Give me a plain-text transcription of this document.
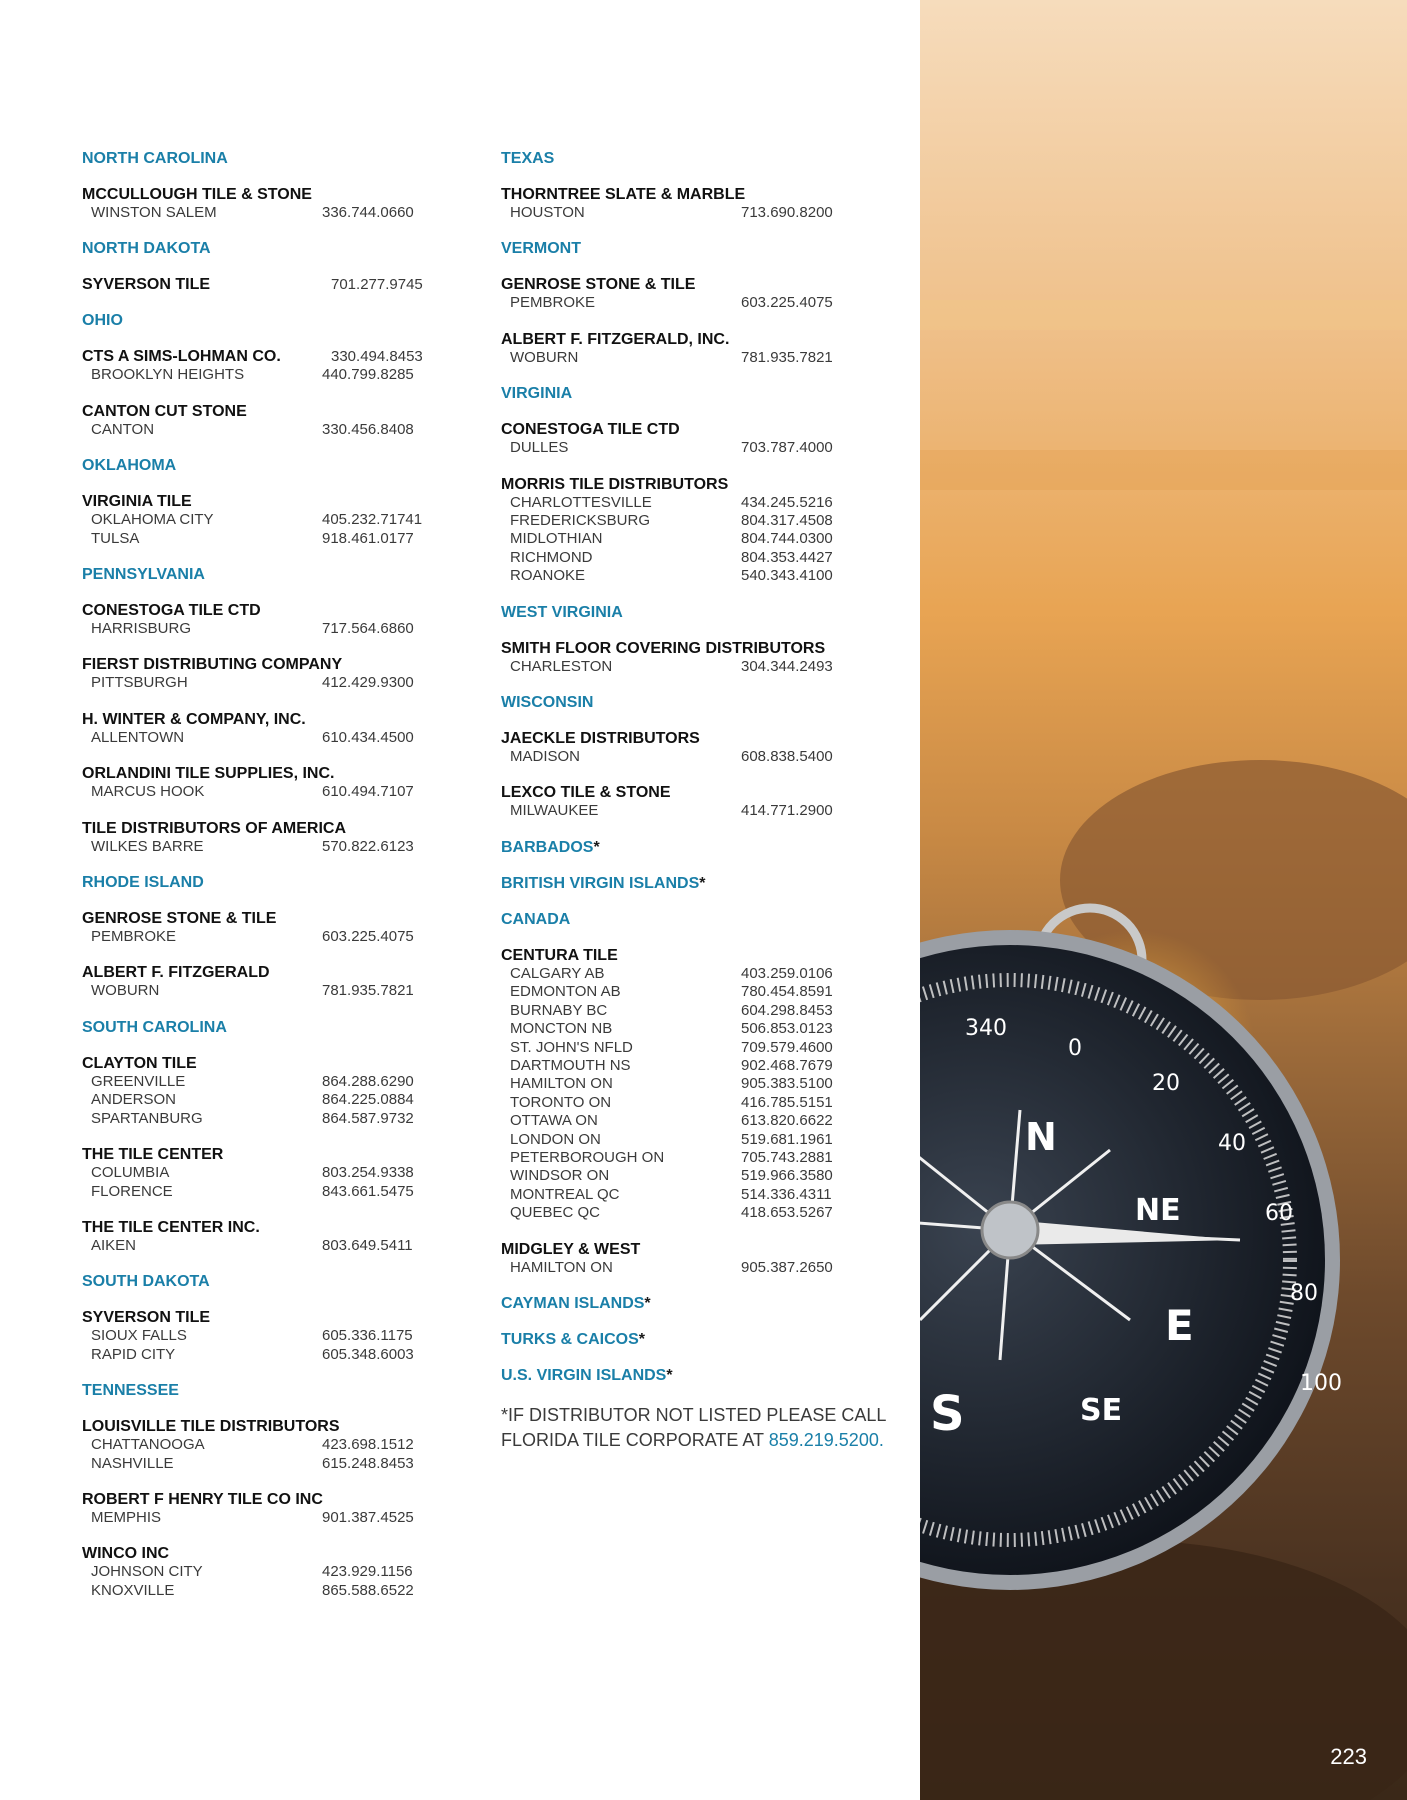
NORTH CAROLINA
MCCULLOUGH TILE & STONE
WINSTON SALEM	336.744.0660
NORTH DAKOTA
SYVERSON TILE	701.277.9745
OHIO
CTS A SIMS-LOHMAN CO.	330.494.8453
BROOKLYN HEIGHTS	440.799.8285
CANTON CUT STONE
CANTON	330.456.8408
OKLAHOMA
VIRGINIA TILE
OKLAHOMA CITY	405.232.71741
TULSA	918.461.0177
PENNSYLVANIA
CONESTOGA TILE CTD
HARRISBURG	717.564.6860
FIERST DISTRIBUTING COMPANY
PITTSBURGH	412.429.9300
H. WINTER & COMPANY, INC.
ALLENTOWN	610.434.4500
ORLANDINI TILE SUPPLIES, INC.
MARCUS HOOK	610.494.7107
TILE DISTRIBUTORS OF AMERICA
WILKES BARRE	570.822.6123
RHODE ISLAND
GENROSE STONE & TILE
PEMBROKE	603.225.4075
ALBERT F. FITZGERALD
WOBURN	781.935.7821
SOUTH CAROLINA
CLAYTON TILE
GREENVILLE	864.288.6290
ANDERSON	864.225.0884
SPARTANBURG	864.587.9732
THE TILE CENTER
COLUMBIA	803.254.9338
FLORENCE	843.661.5475
THE TILE CENTER INC.
AIKEN	803.649.5411
SOUTH DAKOTA
SYVERSON TILE
SIOUX FALLS	605.336.1175
RAPID CITY	605.348.6003
TENNESSEE
LOUISVILLE TILE DISTRIBUTORS
CHATTANOOGA	423.698.1512
NASHVILLE	615.248.8453
ROBERT F HENRY TILE CO INC
MEMPHIS	901.387.4525
WINCO INC
JOHNSON CITY	423.929.1156
KNOXVILLE	865.588.6522
TEXAS
THORNTREE SLATE & MARBLE
HOUSTON	713.690.8200
VERMONT
GENROSE STONE & TILE
PEMBROKE	603.225.4075
ALBERT F. FITZGERALD, INC.
WOBURN	781.935.7821
VIRGINIA
CONESTOGA TILE CTD
DULLES	703.787.4000
MORRIS TILE DISTRIBUTORS
CHARLOTTESVILLE	434.245.5216
FREDERICKSBURG	804.317.4508
MIDLOTHIAN	804.744.0300
RICHMOND	804.353.4427
ROANOKE	540.343.4100
WEST VIRGINIA
SMITH FLOOR COVERING DISTRIBUTORS
CHARLESTON	304.344.2493
WISCONSIN
JAECKLE DISTRIBUTORS
MADISON	608.838.5400
LEXCO TILE & STONE
MILWAUKEE	414.771.2900
BARBADOS*
BRITISH VIRGIN ISLANDS*
CANADA
CENTURA TILE
CALGARY AB	403.259.0106
EDMONTON AB	780.454.8591
BURNABY BC	604.298.8453
MONCTON NB	506.853.0123
ST. JOHN'S NFLD	709.579.4600
DARTMOUTH NS	902.468.7679
HAMILTON ON	905.383.5100
TORONTO ON	416.785.5151
OTTAWA ON	613.820.6622
LONDON ON	519.681.1961
PETERBOROUGH ON	705.743.2881
WINDSOR ON	519.966.3580
MONTREAL QC	514.336.4311
QUEBEC QC	418.653.5267
MIDGLEY & WEST
HAMILTON ON	905.387.2650
CAYMAN ISLANDS*
TURKS & CAICOS*
U.S. VIRGIN ISLANDS*
*IF DISTRIBUTOR NOT LISTED PLEASE CALL
FLORIDA TILE CORPORATE AT 859.219.5200.
340
0
20
40
60
80
100
N
NE
E
SE
S
223
